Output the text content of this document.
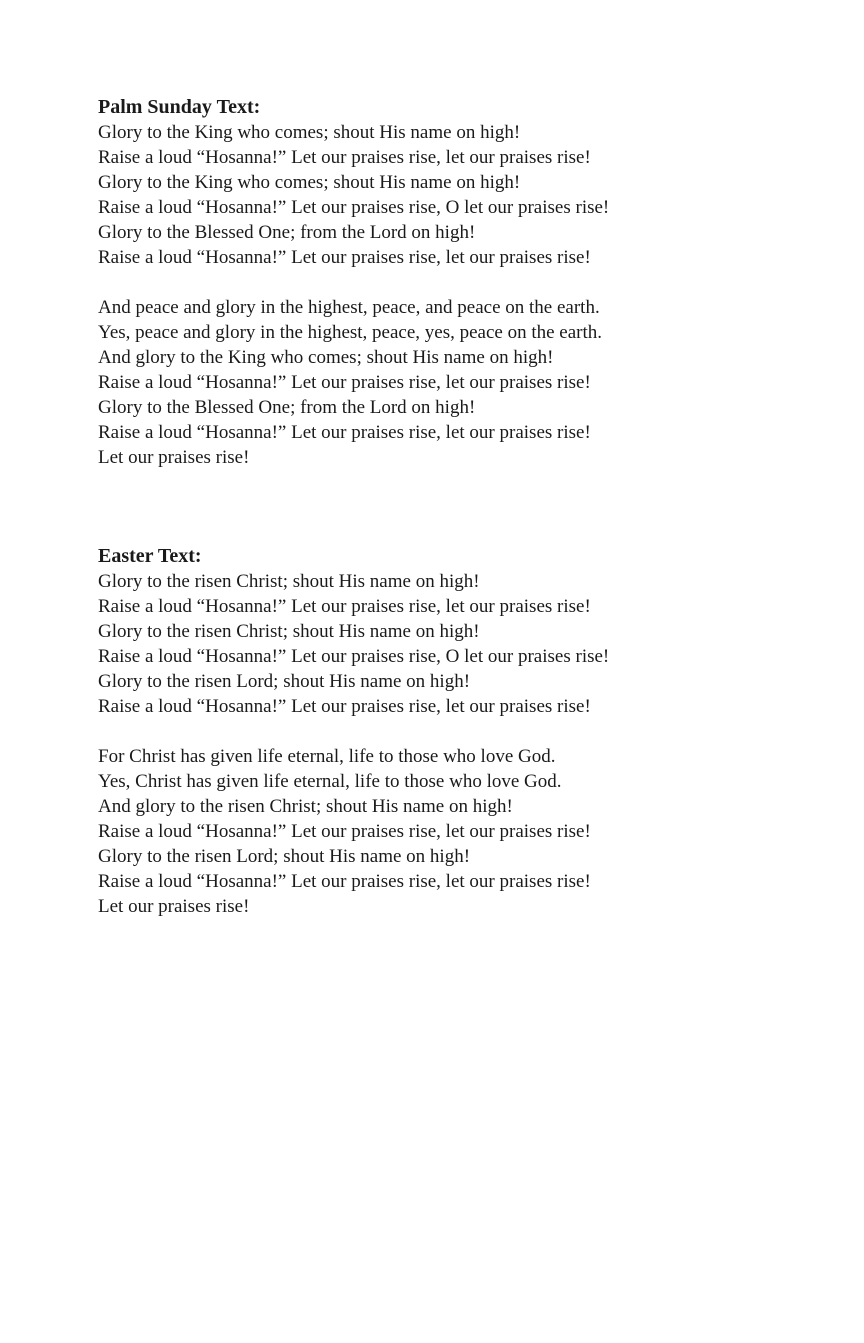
Palm Sunday Text:
Glory to the King who comes; shout His name on high!
Raise a loud “Hosanna!” Let our praises rise, let our praises rise!
Glory to the King who comes; shout His name on high!
Raise a loud “Hosanna!” Let our praises rise, O let our praises rise!
Glory to the Blessed One; from the Lord on high!
Raise a loud “Hosanna!” Let our praises rise, let our praises rise!
And peace and glory in the highest, peace, and peace on the earth.
Yes, peace and glory in the highest, peace, yes, peace on the earth.
And glory to the King who comes; shout His name on high!
Raise a loud “Hosanna!” Let our praises rise, let our praises rise!
Glory to the Blessed One; from the Lord on high!
Raise a loud “Hosanna!” Let our praises rise, let our praises rise!
Let our praises rise!
Easter Text:
Glory to the risen Christ; shout His name on high!
Raise a loud “Hosanna!” Let our praises rise, let our praises rise!
Glory to the risen Christ; shout His name on high!
Raise a loud “Hosanna!” Let our praises rise, O let our praises rise!
Glory to the risen Lord; shout His name on high!
Raise a loud “Hosanna!” Let our praises rise, let our praises rise!
For Christ has given life eternal, life to those who love God.
Yes, Christ has given life eternal, life to those who love God.
And glory to the risen Christ; shout His name on high!
Raise a loud “Hosanna!” Let our praises rise, let our praises rise!
Glory to the risen Lord; shout His name on high!
Raise a loud “Hosanna!” Let our praises rise, let our praises rise!
Let our praises rise!
